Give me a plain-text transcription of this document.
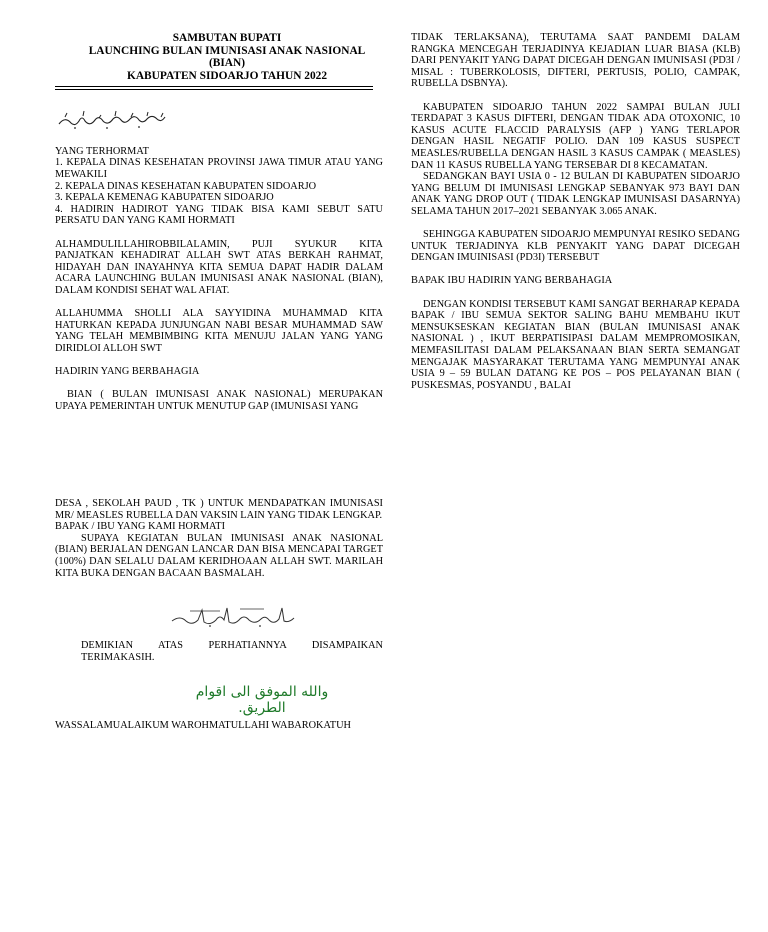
SAMBUTAN BUPATI
LAUNCHING BULAN IMUNISASI ANAK NASIONAL
(BIAN)
KABUPATEN SIDOARJO TAHUN 2022

YANG TERHORMAT

1. KEPALA DINAS KESEHATAN PROVINSI JAWA TIMUR ATAU YANG MEWAKILI

2. KEPALA DINAS KESEHATAN KABUPATEN SIDOARJO

3. KEPALA KEMENAG KABUPATEN SIDOARJO

4. HADIRIN HADIROT YANG TIDAK BISA KAMI SEBUT SATU PERSATU DAN YANG KAMI HORMATI

ALHAMDULILLAHIROBBILALAMIN, PUJI SYUKUR KITA PANJATKAN KEHADIRAT ALLAH SWT ATAS BERKAH RAHMAT, HIDAYAH DAN INAYAHNYA KITA SEMUA DAPAT HADIR DALAM ACARA LAUNCHING BULAN IMUNISASI ANAK NASIONAL (BIAN), DALAM KONDISI SEHAT WAL AFIAT.

ALLAHUMMA SHOLLI ALA SAYYIDINA MUHAMMAD KITA HATURKAN KEPADA JUNJUNGAN NABI BESAR MUHAMMAD SAW YANG TELAH MEMBIMBING KITA MENUJU JALAN YANG YANG DIRIDLOI ALLOH SWT

HADIRIN YANG BERBAHAGIA

BIAN ( BULAN IMUNISASI ANAK NASIONAL) MERUPAKAN UPAYA PEMERINTAH UNTUK MENUTUP GAP (IMUNISASI YANG

TIDAK TERLAKSANA), TERUTAMA SAAT PANDEMI DALAM RANGKA MENCEGAH TERJADINYA KEJADIAN LUAR BIASA (KLB) DARI PENYAKIT YANG DAPAT DICEGAH DENGAN IMUNISASI (PD3I / MISAL : TUBERKOLOSIS, DIFTERI, PERTUSIS, POLIO, CAMPAK, RUBELLA DSBNYA).

KABUPATEN SIDOARJO TAHUN 2022 SAMPAI BULAN JULI TERDAPAT 3 KASUS DIFTERI, DENGAN TIDAK ADA OTOXONIC, 10 KASUS ACUTE FLACCID PARALYSIS (AFP ) YANG TERLAPOR DENGAN HASIL NEGATIF POLIO. DAN 109 KASUS SUSPECT MEASLES/RUBELLA DENGAN HASIL 3 KASUS CAMPAK ( MEASLES) DAN 11 KASUS RUBELLA YANG TERSEBAR DI 8 KECAMATAN.

SEDANGKAN BAYI USIA 0 - 12 BULAN DI KABUPATEN SIDOARJO YANG BELUM DI IMUNISASI LENGKAP SEBANYAK 973 BAYI DAN ANAK YANG DROP OUT ( TIDAK LENGKAP IMUNISASI DASARNYA) SELAMA TAHUN 2017–2021 SEBANYAK 3.065 ANAK.

SEHINGGA KABUPATEN SIDOARJO MEMPUNYAI RESIKO SEDANG UNTUK TERJADINYA KLB PENYAKIT YANG DAPAT DICEGAH DENGAN IMUINISASI (PD3I) TERSEBUT

BAPAK IBU HADIRIN YANG BERBAHAGIA

DENGAN KONDISI TERSEBUT KAMI SANGAT BERHARAP KEPADA BAPAK / IBU SEMUA SEKTOR SALING BAHU MEMBAHU IKUT MENSUKSESKAN KEGIATAN BIAN (BULAN IMUNISASI ANAK NASIONAL ) , IKUT BERPATISIPASI DALAM MEMPROMOSIKAN, MEMFASILITASI DALAM PELAKSANAAN BIAN SERTA SEMANGAT MENGAJAK MASYARAKAT TERUTAMA YANG MEMPUNYAI ANAK USIA 9 – 59 BULAN DATANG KE POS – POS PELAYANAN BIAN ( PUSKESMAS, POSYANDU , BALAI

DESA , SEKOLAH PAUD , TK ) UNTUK MENDAPATKAN IMUNISASI MR/ MEASLES RUBELLA DAN VAKSIN LAIN YANG TIDAK LENGKAP.

BAPAK / IBU YANG KAMI HORMATI

SUPAYA KEGIATAN BULAN IMUNISASI ANAK NASIONAL (BIAN) BERJALAN DENGAN LANCAR DAN BISA MENCAPAI TARGET (100%) DAN SELALU DALAM KERIDHOAAN ALLAH SWT. MARILAH KITA BUKA DENGAN BACAAN BASMALAH.

DEMIKIAN ATAS PERHATIANNYA DISAMPAIKAN TERIMAKASIH.

والله الموفق الى اقوام الطريق.
WASSALAMUALAIKUM WAROHMATULLAHI WABAROKATUH
